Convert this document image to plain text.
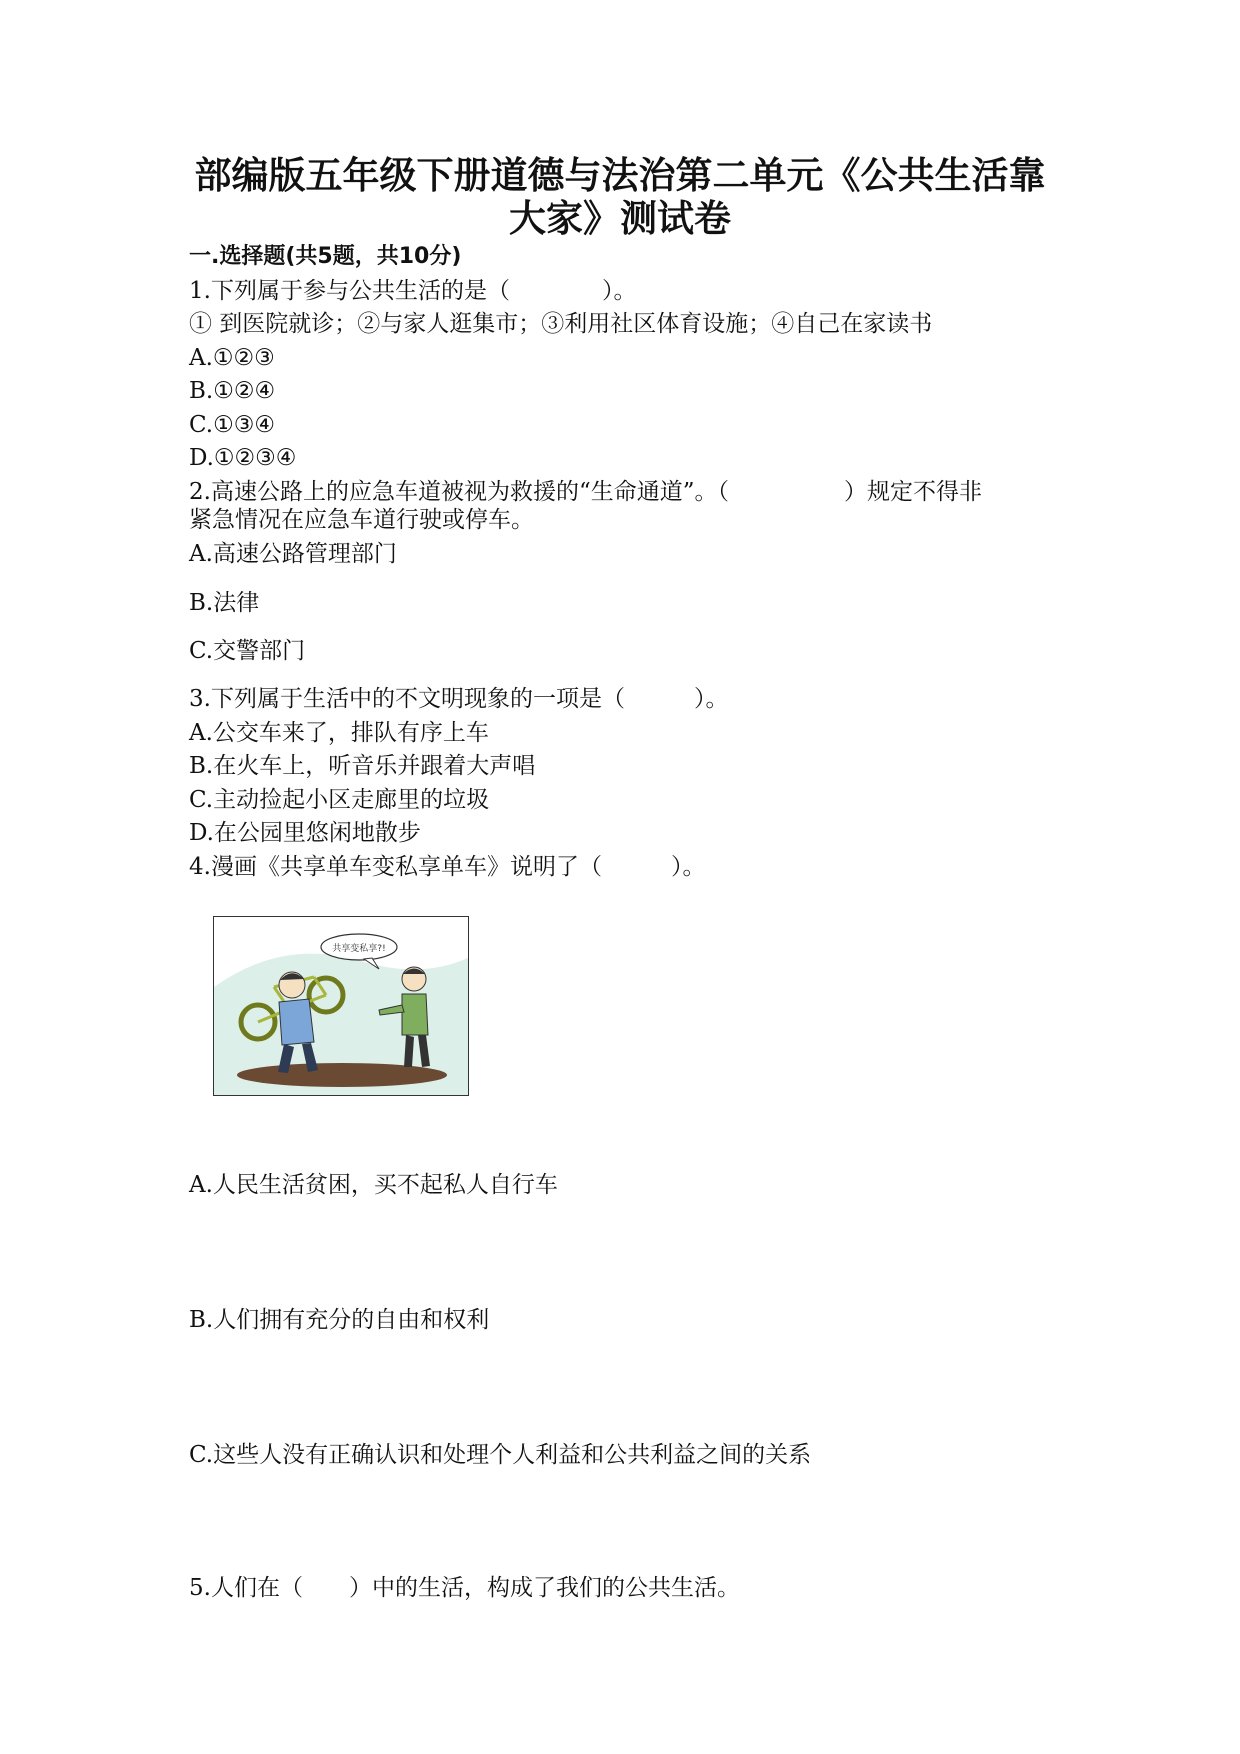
部编版五年级下册道德与法治第二单元《公共生活靠
大家》测试卷
一.选择题(共5题，共10分)
1.下列属于参与公共生活的是（　　　　）。
① 到医院就诊；②与家人逛集市；③利用社区体育设施；④自己在家读书
A.①②③
B.①②④
C.①③④
D.①②③④
2.高速公路上的应急车道被视为救援的“生命通道”。（　　　　　）规定不得非
紧急情况在应急车道行驶或停车。
A.高速公路管理部门
B.法律
C.交警部门
3.下列属于生活中的不文明现象的一项是（　　　）。
A.公交车来了，排队有序上车
B.在火车上，听音乐并跟着大声唱
C.主动捡起小区走廊里的垃圾
D.在公园里悠闲地散步
4.漫画《共享单车变私享单车》说明了（　　　）。
共享变私享?!
A.人民生活贫困，买不起私人自行车
B.人们拥有充分的自由和权利
C.这些人没有正确认识和处理个人利益和公共利益之间的关系
5.人们在（　　）中的生活，构成了我们的公共生活。
